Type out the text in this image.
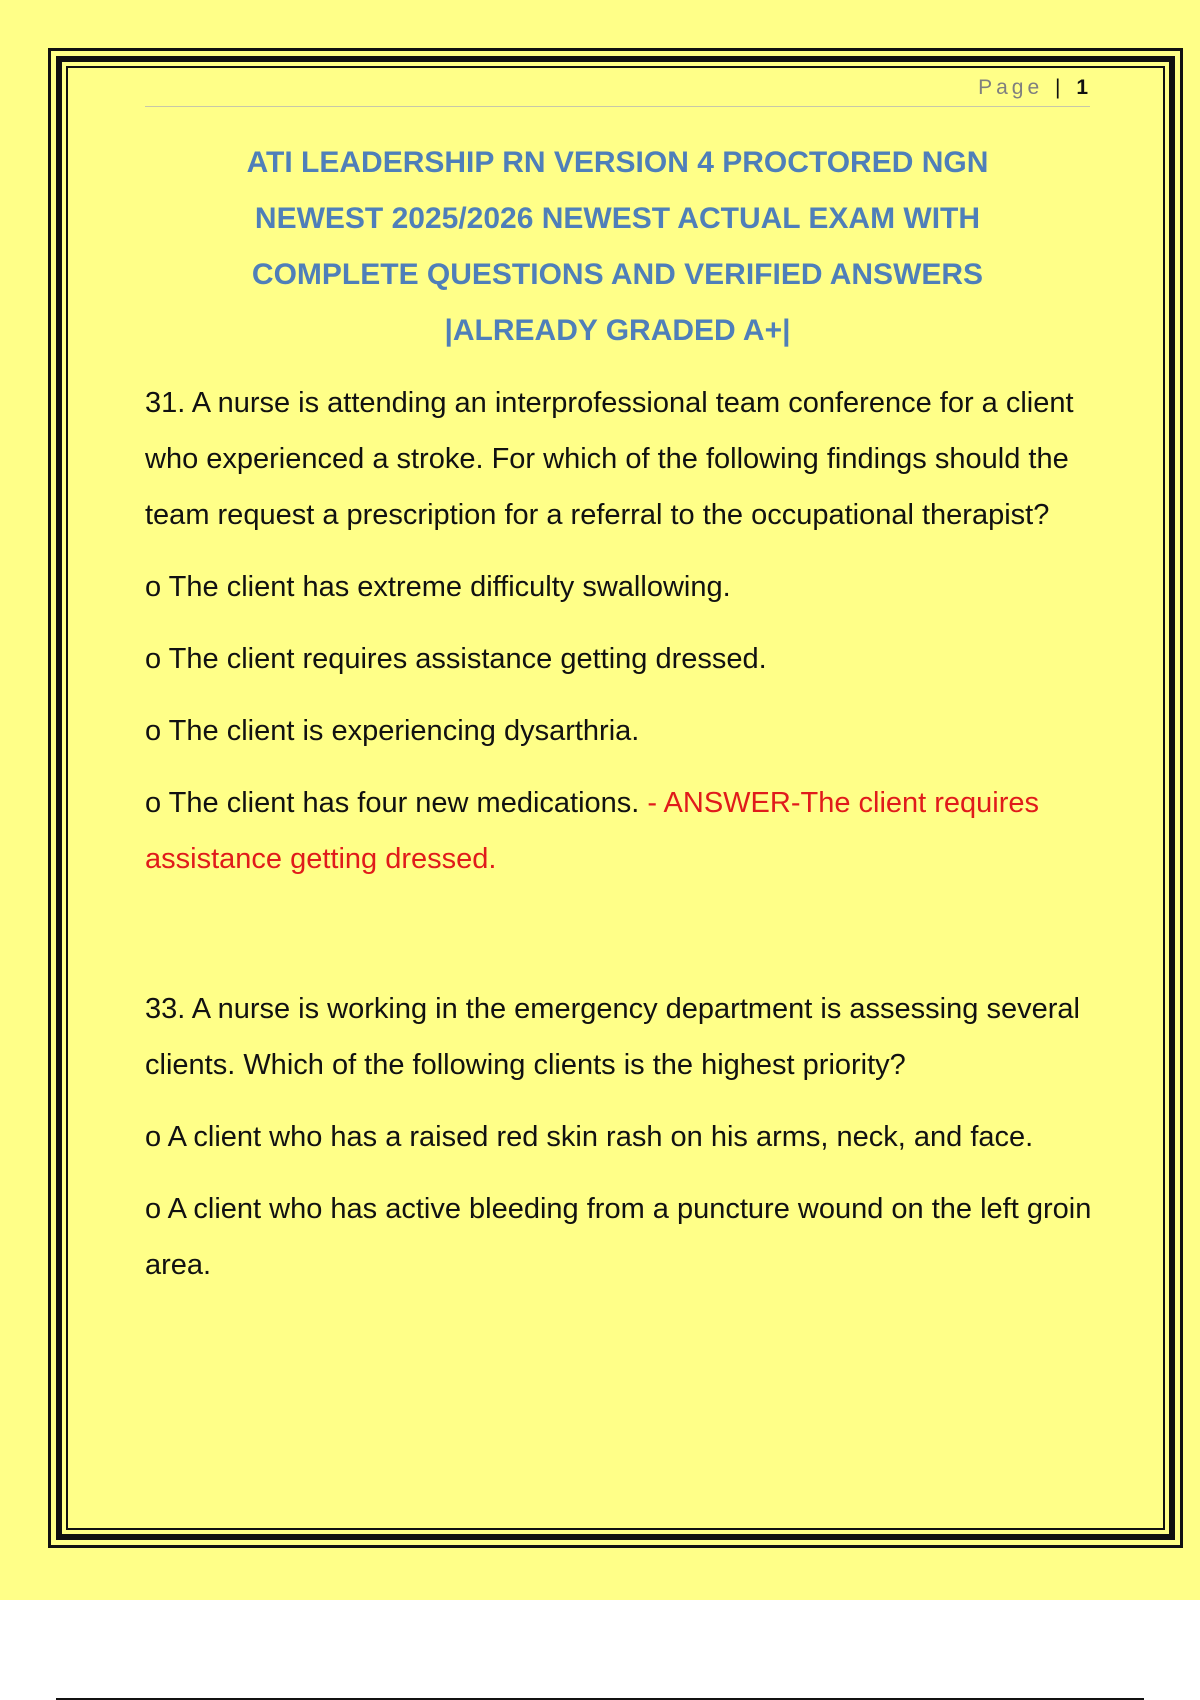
Page | 1
ATI LEADERSHIP RN VERSION 4 PROCTORED NGN
NEWEST 2025/2026 NEWEST ACTUAL EXAM WITH
COMPLETE QUESTIONS AND VERIFIED ANSWERS
|ALREADY GRADED A+|

31. A nurse is attending an interprofessional team conference for a client who experienced a stroke. For which of the following findings should the team request a prescription for a referral to the occupational therapist?

o The client has extreme difficulty swallowing.

o The client requires assistance getting dressed.

o The client is experiencing dysarthria.

o The client has four new medications. - ANSWER-The client requires assistance getting dressed.

33. A nurse is working in the emergency department is assessing several clients. Which of the following clients is the highest priority?

o A client who has a raised red skin rash on his arms, neck, and face.

o A client who has active bleeding from a puncture wound on the left groin area.
